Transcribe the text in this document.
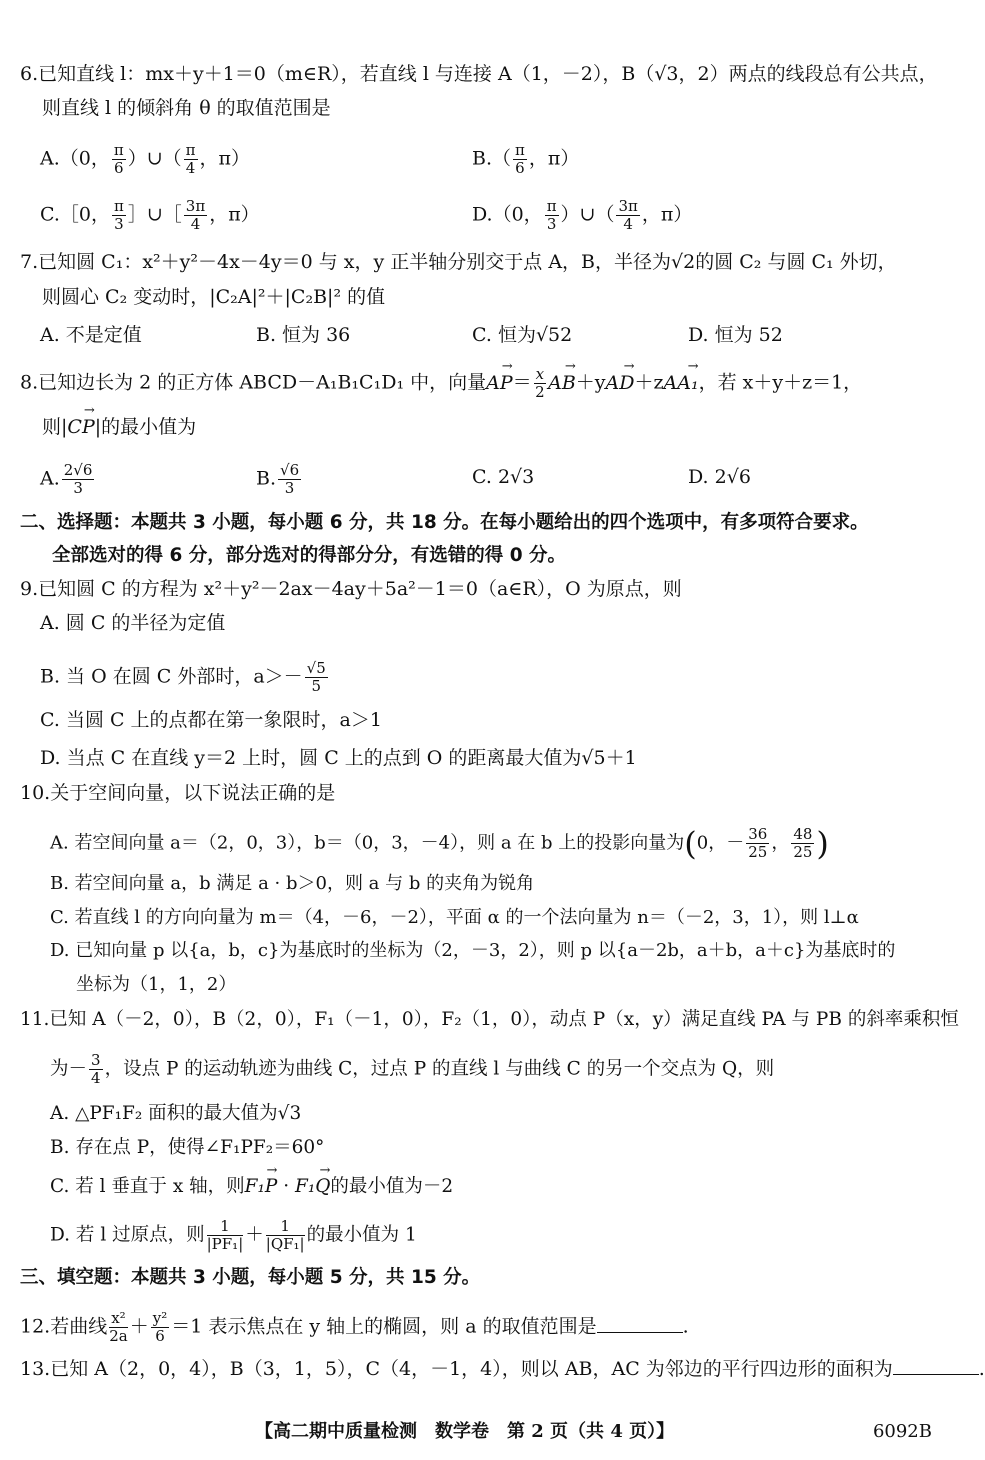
6.已知直线 l：mx＋y＋1＝0（m∈R），若直线 l 与连接 A（1，－2），B（√3，2）两点的线段总有公共点，
则直线 l 的倾斜角 θ 的取值范围是
A.（0， $\frac{\pi}{6}$ ）∪（ $\frac{\pi}{4}$ ，π）	$B.( \frac{\pi}{6}$ ，π）
C.［0， $\frac{\pi}{3}$ ］∪［ $\frac{3\pi}{4}$ ，π）	D.（0， $\frac{\pi}{3}$ ）∪（ $\frac{3\pi}{4}$ ，π）
7.已知圆 C₁：x²＋y²－4x－4y＝0 与 x，y 正半轴分别交于点 A，B，半径为√2的圆 C₂ 与圆 C₁ 外切，
则圆心 C₂ 变动时，|C₂A|²＋|C₂B|² 的值
A. 不是定值	B. 恒为 36	C. 恒为√52	D. 恒为 52
8.已知边长为 2 的正方体 ABCD－A₁B₁C₁D₁ 中，向量
→
$AP= \frac{x}{2}$	→
AB＋y
→
AD＋z
→
AA₁，若 x＋y＋z＝1，
则|
→
CP|的最小值为
A. $\frac{2√6}{3}$	B. $\frac{√6}{3}$	C. 2√3	D. 2√6
二、选择题：本题共 3 小题，每小题 6 分，共 18 分。在每小题给出的四个选项中，有多项符合要求。
全部选对的得 6 分，部分选对的得部分分，有选错的得 0 分。
9.已知圆 C 的方程为 x²＋y²－2ax－4ay＋5a²－1＝0（a∈R），O 为原点，则
A. 圆 C 的半径为定值
B. 当 O 在圆 C 外部时，$a>- \frac{√5}{5}$
C. 当圆 C 上的点都在第一象限时，a＞1
D. 当点 C 在直线 y＝2 上时，圆 C 上的点到 O 的距离最大值为√5＋1
10.关于空间向量，以下说法正确的是
A. 若空间向量 a＝（2，0，3），b＝（0，3，－4），则 a 在 b 上的投影向量为(0，－ $\frac{36}{25}$ ， $\frac{48}{25}$ )
B. 若空间向量 a，b 满足 a · b＞0，则 a 与 b 的夹角为锐角
C. 若直线 l 的方向向量为 m＝（4，－6，－2），平面 α 的一个法向量为 n＝（－2，3，1），则 l⊥α
D. 已知向量 p 以{a，b，c}为基底时的坐标为（2，－3，2），则 p 以{a－2b，a＋b，a＋c}为基底时的
坐标为（1，1，2）
11.已知 A（－2，0），B（2，0），F₁（－1，0），F₂（1，0），动点 P（x，y）满足直线 PA 与 PB 的斜率乘积恒
为－ $\frac{3}{4}$ ，设点 P 的运动轨迹为曲线 C，过点 P 的直线 l 与曲线 C 的另一个交点为 Q，则
A. △PF₁F₂ 面积的最大值为√3
B. 存在点 P，使得∠F₁PF₂＝60°
C. 若 l 垂直于 x 轴，则
→
F₁P ·
→
F₁Q的最小值为－2
D. 若 l 过原点，则 $\frac{1}{\text{|PF₁|}} + \frac{1}{\text{|QF₁|}}$ 的最小值为 1
三、填空题：本题共 3 小题，每小题 5 分，共 15 分。
12.若曲线 $\frac{\text{x²}}{2a} + \frac{\text{y²}}{6} =1$ 表示焦点在 y 轴上的椭圆，则 a 的取值范围是	.
13.已知 A（2，0，4），B（3，1，5），C（4，－1，4），则以 AB，AC 为邻边的平行四边形的面积为	.
【高二期中质量检测　数学卷　第 2 页（共 4 页）】	6092B
